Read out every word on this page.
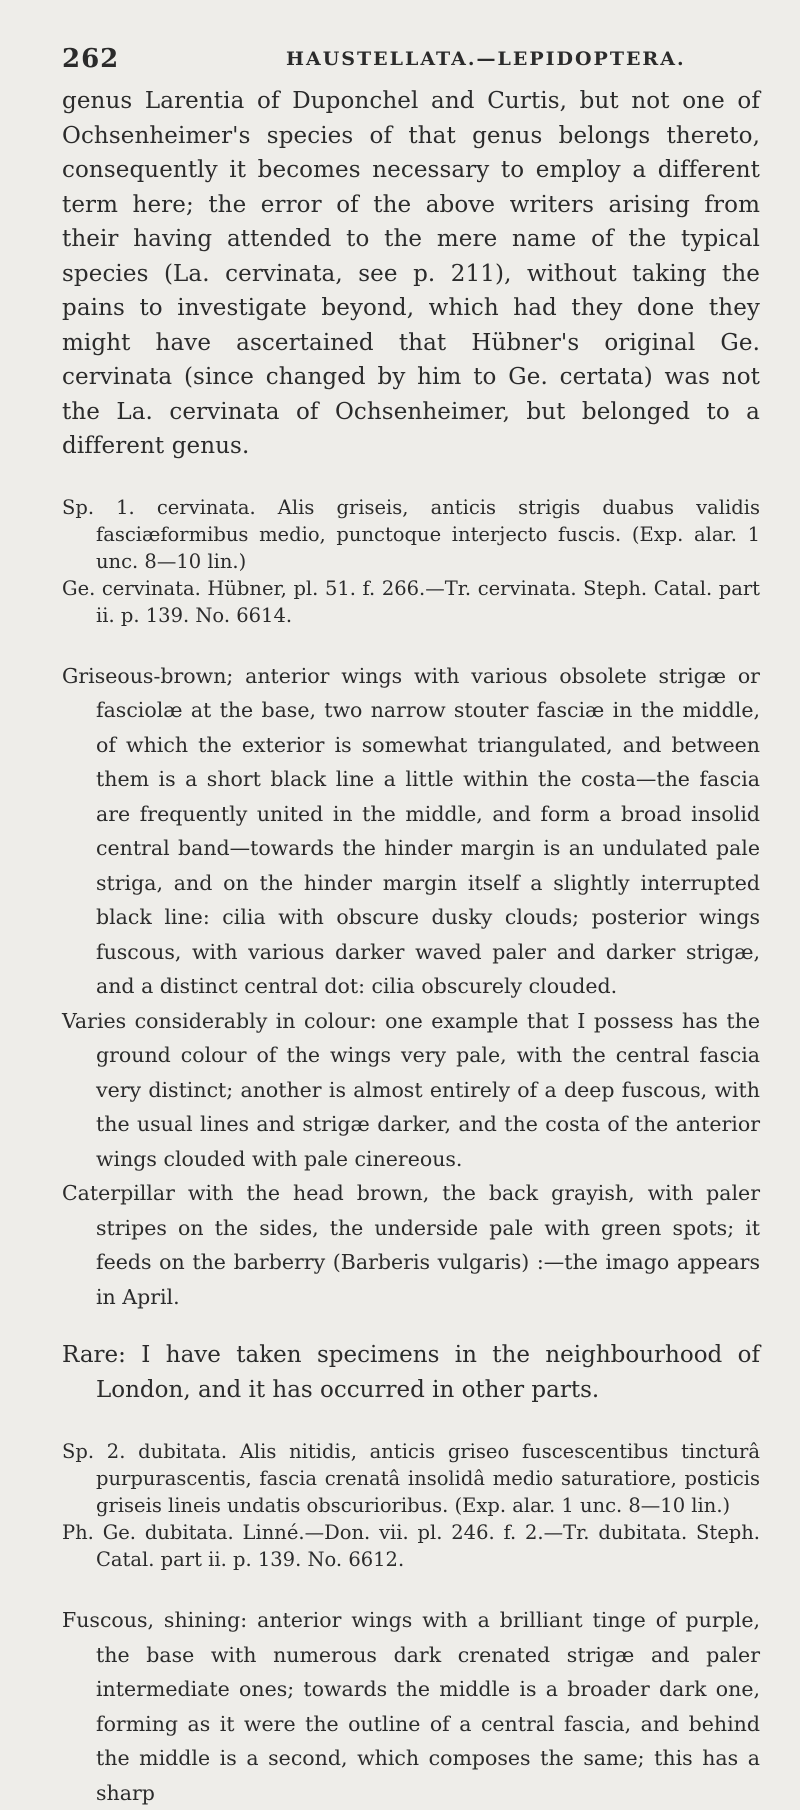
262	HAUSTELLATA.—LEPIDOPTERA.

genus Larentia of Duponchel and Curtis, but not one of Ochsenheimer's species of that genus belongs thereto, consequently it becomes necessary to employ a different term here; the error of the above writers arising from their having attended to the mere name of the typical species (La. cervinata, see p. 211), without taking the pains to investigate beyond, which had they done they might have ascertained that Hübner's original Ge. cervinata (since changed by him to Ge. certata) was not the La. cervinata of Ochsenheimer, but belonged to a different genus.

Sp. 1. cervinata. Alis griseis, anticis strigis duabus validis fasciæformibus medio, punctoque interjecto fuscis. (Exp. alar. 1 unc. 8—10 lin.)

Ge. cervinata. Hübner, pl. 51. f. 266.—Tr. cervinata. Steph. Catal. part ii. p. 139. No. 6614.

Griseous-brown; anterior wings with various obsolete strigæ or fasciolæ at the base, two narrow stouter fasciæ in the middle, of which the exterior is somewhat triangulated, and between them is a short black line a little within the costa—the fascia are frequently united in the middle, and form a broad insolid central band—towards the hinder margin is an undulated pale striga, and on the hinder margin itself a slightly interrupted black line: cilia with obscure dusky clouds; posterior wings fuscous, with various darker waved paler and darker strigæ, and a distinct central dot: cilia obscurely clouded.

Varies considerably in colour: one example that I possess has the ground colour of the wings very pale, with the central fascia very distinct; another is almost entirely of a deep fuscous, with the usual lines and strigæ darker, and the costa of the anterior wings clouded with pale cinereous.

Caterpillar with the head brown, the back grayish, with paler stripes on the sides, the underside pale with green spots; it feeds on the barberry (Barberis vulgaris) :—the imago appears in April.

Rare: I have taken specimens in the neighbourhood of London, and it has occurred in other parts.

Sp. 2. dubitata. Alis nitidis, anticis griseo fuscescentibus tincturâ purpurascentis, fascia crenatâ insolidâ medio saturatiore, posticis griseis lineis undatis obscurioribus. (Exp. alar. 1 unc. 8—10 lin.)

Ph. Ge. dubitata. Linné.—Don. vii. pl. 246. f. 2.—Tr. dubitata. Steph. Catal. part ii. p. 139. No. 6612.

Fuscous, shining: anterior wings with a brilliant tinge of purple, the base with numerous dark crenated strigæ and paler intermediate ones; towards the middle is a broader dark one, forming as it were the outline of a central fascia, and behind the middle is a second, which composes the same; this has a sharp
